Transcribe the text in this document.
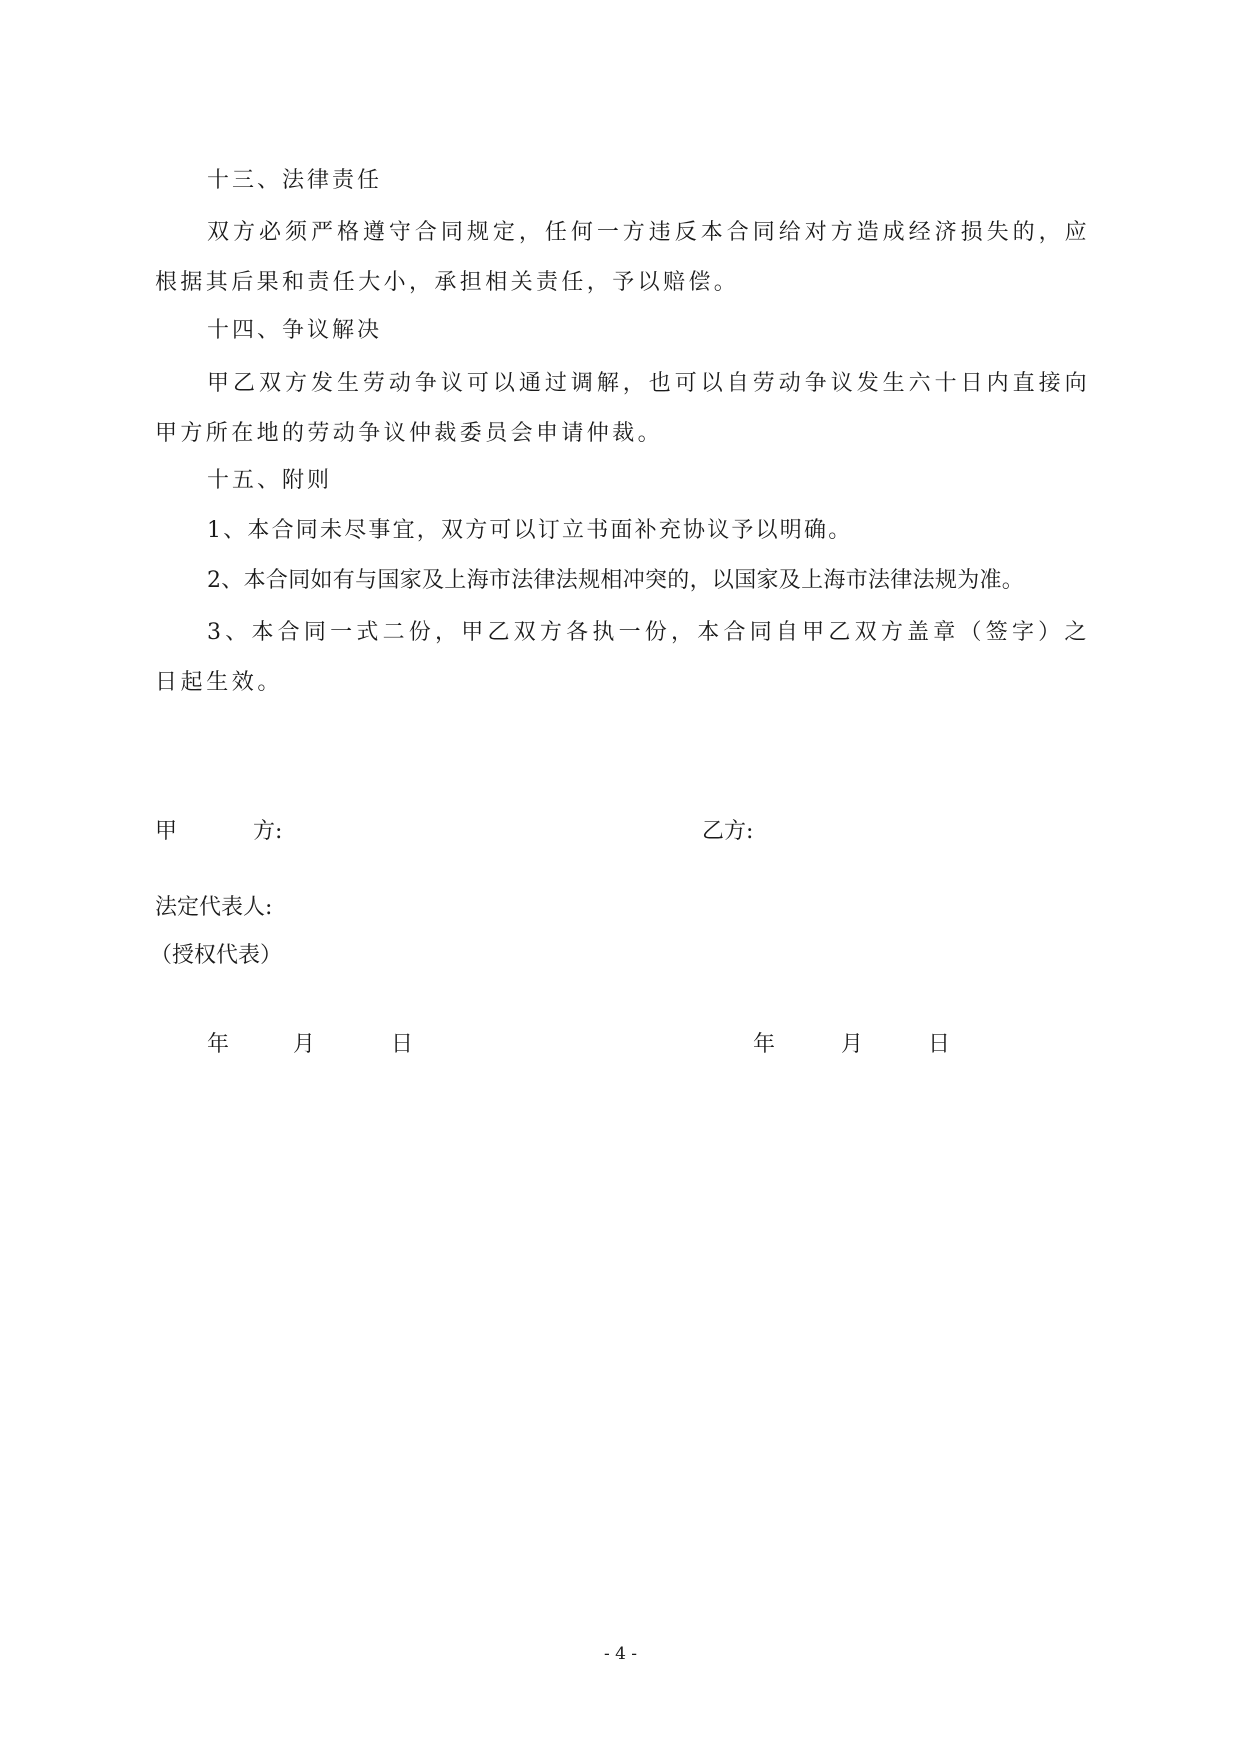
十三、法律责任
双方必须严格遵守合同规定，任何一方违反本合同给对方造成经济损失的，应根据其后果和责任大小，承担相关责任，予以赔偿。
十四、争议解决
甲乙双方发生劳动争议可以通过调解，也可以自劳动争议发生六十日内直接向甲方所在地的劳动争议仲裁委员会申请仲裁。
十五、附则
1、本合同未尽事宜，双方可以订立书面补充协议予以明确。
2、本合同如有与国家及上海市法律法规相冲突的，以国家及上海市法律法规为准。
3、本合同一式二份，甲乙双方各执一份，本合同自甲乙双方盖章（签字）之日起生效。
甲	方:	乙方:
法定代表人:
（授权代表）
年	月	日	年	月	日
- 4 -
